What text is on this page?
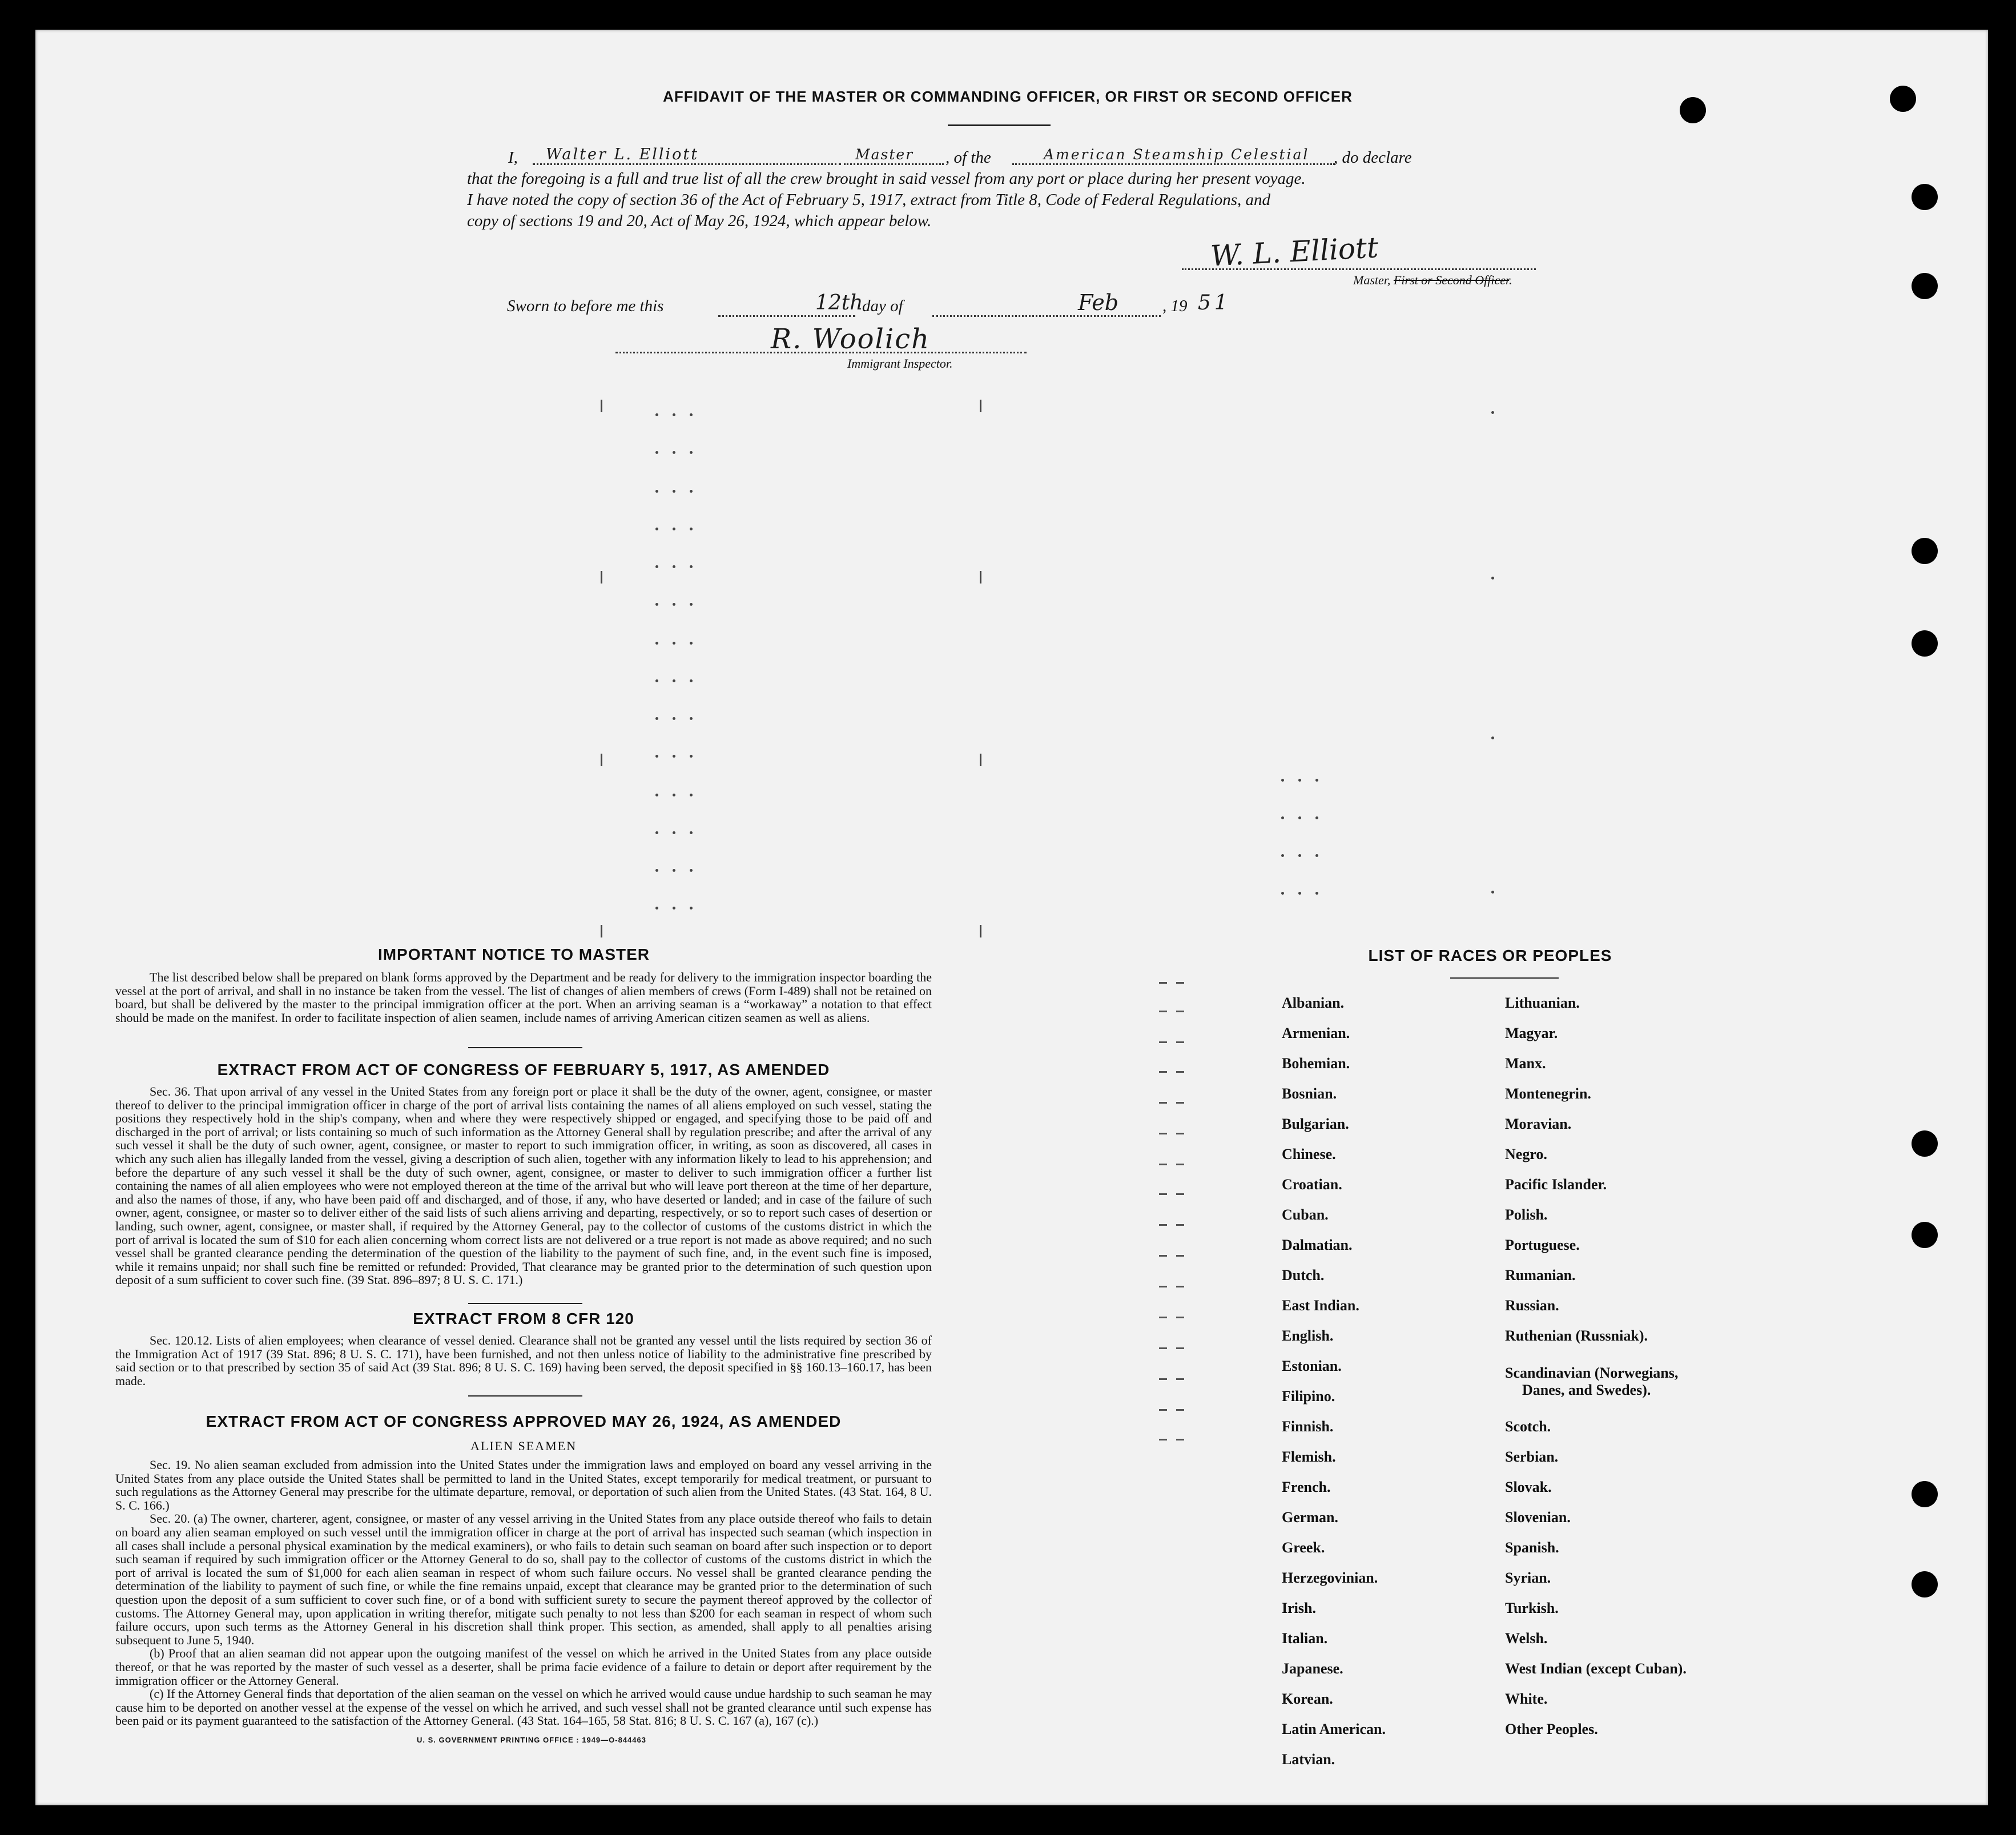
AFFIDAVIT OF THE MASTER OR COMMANDING OFFICER, OR FIRST OR SECOND OFFICER
I, Walter L. Elliott	Master , of the	American Steamship Celestial , do declare
that the foregoing is a full and true list of all the crew brought in said vessel from any port or place during her present voyage.
I have noted the copy of section 36 of the Act of February 5, 1917, extract from Title 8, Code of Federal Regulations, and
copy of sections 19 and 20, Act of May 26, 1924, which appear below.
W. L. Elliott
Master, First or Second Officer.
Sworn to before me this	12th
day of	Feb	, 19 51
R. Woolich
Immigrant Inspector.
IMPORTANT NOTICE TO MASTER
The list described below shall be prepared on blank forms approved by the Department and be ready for delivery to the immigration inspector boarding the vessel at the port of arrival, and shall in no instance be taken from the vessel. The list of changes of alien members of crews (Form I-489) shall not be retained on board, but shall be delivered by the master to the principal immigration officer at the port. When an arriving seaman is a “workaway” a notation to that effect should be made on the manifest. In order to facilitate inspection of alien seamen, include names of arriving American citizen seamen as well as aliens.
EXTRACT FROM ACT OF CONGRESS OF FEBRUARY 5, 1917, AS AMENDED
Sec. 36. That upon arrival of any vessel in the United States from any foreign port or place it shall be the duty of the owner, agent, consignee, or master thereof to deliver to the principal immigration officer in charge of the port of arrival lists containing the names of all aliens employed on such vessel, stating the positions they respectively hold in the ship's company, when and where they were respectively shipped or engaged, and specifying those to be paid off and discharged in the port of arrival; or lists containing so much of such information as the Attorney General shall by regulation prescribe; and after the arrival of any such vessel it shall be the duty of such owner, agent, consignee, or master to report to such immigration officer, in writing, as soon as discovered, all cases in which any such alien has illegally landed from the vessel, giving a description of such alien, together with any information likely to lead to his apprehension; and before the departure of any such vessel it shall be the duty of such owner, agent, consignee, or master to deliver to such immigration officer a further list containing the names of all alien employees who were not employed thereon at the time of the arrival but who will leave port thereon at the time of her departure, and also the names of those, if any, who have been paid off and discharged, and of those, if any, who have deserted or landed; and in case of the failure of such owner, agent, consignee, or master so to deliver either of the said lists of such aliens arriving and departing, respectively, or so to report such cases of desertion or landing, such owner, agent, consignee, or master shall, if required by the Attorney General, pay to the collector of customs of the customs district in which the port of arrival is located the sum of $10 for each alien concerning whom correct lists are not delivered or a true report is not made as above required; and no such vessel shall be granted clearance pending the determination of the question of the liability to the payment of such fine, and, in the event such fine is imposed, while it remains unpaid; nor shall such fine be remitted or refunded: Provided, That clearance may be granted prior to the determination of such question upon deposit of a sum sufficient to cover such fine. (39 Stat. 896–897; 8 U. S. C. 171.)
EXTRACT FROM 8 CFR 120
Sec. 120.12. Lists of alien employees; when clearance of vessel denied. Clearance shall not be granted any vessel until the lists required by section 36 of the Immigration Act of 1917 (39 Stat. 896; 8 U. S. C. 171), have been furnished, and not then unless notice of liability to the administrative fine prescribed by said section or to that prescribed by section 35 of said Act (39 Stat. 896; 8 U. S. C. 169) having been served, the deposit specified in §§ 160.13–160.17, has been made.
EXTRACT FROM ACT OF CONGRESS APPROVED MAY 26, 1924, AS AMENDED
ALIEN SEAMEN

Sec. 19. No alien seaman excluded from admission into the United States under the immigration laws and employed on board any vessel arriving in the United States from any place outside the United States shall be permitted to land in the United States, except temporarily for medical treatment, or pursuant to such regulations as the Attorney General may prescribe for the ultimate departure, removal, or deportation of such alien from the United States. (43 Stat. 164, 8 U. S. C. 166.)

Sec. 20. (a) The owner, charterer, agent, consignee, or master of any vessel arriving in the United States from any place outside thereof who fails to detain on board any alien seaman employed on such vessel until the immigration officer in charge at the port of arrival has inspected such seaman (which inspection in all cases shall include a personal physical examination by the medical examiners), or who fails to detain such seaman on board after such inspection or to deport such seaman if required by such immigration officer or the Attorney General to do so, shall pay to the collector of customs of the customs district in which the port of arrival is located the sum of $1,000 for each alien seaman in respect of whom such failure occurs. No vessel shall be granted clearance pending the determination of the liability to payment of such fine, or while the fine remains unpaid, except that clearance may be granted prior to the determination of such question upon the deposit of a sum sufficient to cover such fine, or of a bond with sufficient surety to secure the payment thereof approved by the collector of customs. The Attorney General may, upon application in writing therefor, mitigate such penalty to not less than $200 for each seaman in respect of whom such failure occurs, upon such terms as the Attorney General in his discretion shall think proper. This section, as amended, shall apply to all penalties arising subsequent to June 5, 1940.

(b) Proof that an alien seaman did not appear upon the outgoing manifest of the vessel on which he arrived in the United States from any place outside thereof, or that he was reported by the master of such vessel as a deserter, shall be prima facie evidence of a failure to detain or deport after requirement by the immigration officer or the Attorney General.

(c) If the Attorney General finds that deportation of the alien seaman on the vessel on which he arrived would cause undue hardship to such seaman he may cause him to be deported on another vessel at the expense of the vessel on which he arrived, and such vessel shall not be granted clearance until such expense has been paid or its payment guaranteed to the satisfaction of the Attorney General. (43 Stat. 164–165, 58 Stat. 816; 8 U. S. C. 167 (a), 167 (c).)

U. S. GOVERNMENT PRINTING OFFICE : 1949—O-844463
LIST OF RACES OR PEOPLES
Albanian.
Armenian.
Bohemian.
Bosnian.
Bulgarian.
Chinese.
Croatian.
Cuban.
Dalmatian.
Dutch.
East Indian.
English.
Estonian.
Filipino.
Finnish.
Flemish.
French.
German.
Greek.
Herzegovinian.
Irish.
Italian.
Japanese.
Korean.
Latin American.
Latvian.
Lithuanian.
Magyar.
Manx.
Montenegrin.
Moravian.
Negro.
Pacific Islander.
Polish.
Portuguese.
Rumanian.
Russian.
Ruthenian (Russniak).
Scandinavian (Norwegians,
Danes, and Swedes).
Scotch.
Serbian.
Slovak.
Slovenian.
Spanish.
Syrian.
Turkish.
Welsh.
West Indian (except Cuban).
White.
Other Peoples.
